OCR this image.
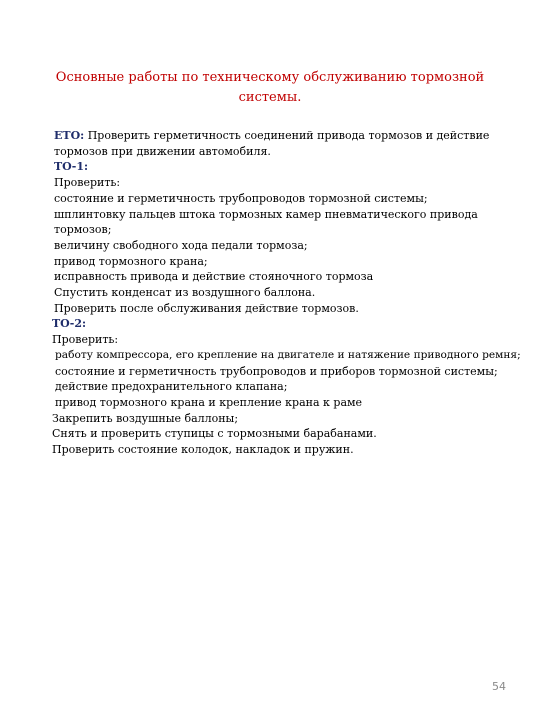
Основные работы по техническому обслуживанию тормозной
системы.
ЕТО: Проверить герметичность соединений привода тормозов и действие
тормозов при движении автомобиля.
ТО-1:
Проверить:
состояние и герметичность трубопроводов тормозной системы;
шплинтовку пальцев штока тормозных камер пневматического привода
тормозов;
величину свободного хода педали тормоза;
привод тормозного крана;
исправность привода и действие стояночного тормоза
Спустить конденсат из воздушного баллона.
Проверить после обслуживания действие тормозов.
ТО-2:
Проверить:
работу компрессора, его крепление на двигателе и натяжение приводного ремня;
состояние и герметичность трубопроводов и приборов тормозной системы;
действие предохранительного клапана;
привод тормозного крана и крепление крана к раме
Закрепить воздушные баллоны;
Снять и проверить ступицы с тормозными барабанами.
Проверить состояние колодок, накладок и пружин.
54
